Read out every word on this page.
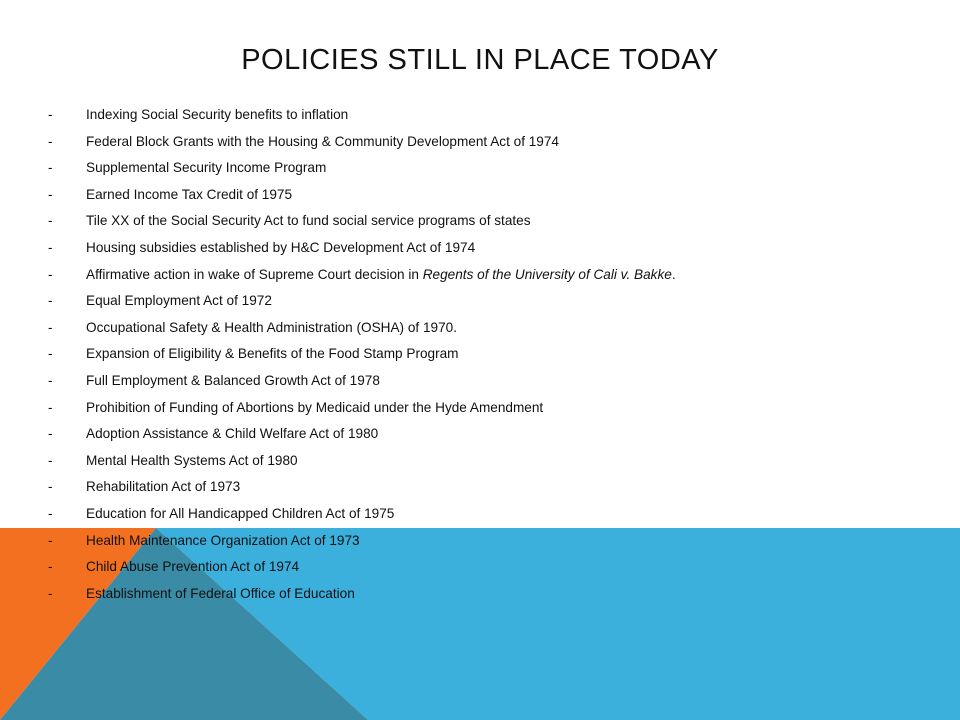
POLICIES STILL IN PLACE TODAY
-	Indexing Social Security benefits to inflation
-	Federal Block Grants with the Housing & Community Development Act of 1974
-	Supplemental Security Income Program
-	Earned Income Tax Credit of 1975
-	Tile XX of the Social Security Act to fund social service programs of states
-	Housing subsidies established by H&C Development Act of 1974
-	Affirmative action in wake of Supreme Court decision in Regents of the University of Cali v. Bakke.
-	Equal Employment Act of 1972
-	Occupational Safety & Health Administration (OSHA) of 1970.
-	Expansion of Eligibility & Benefits of the Food Stamp Program
-	Full Employment & Balanced Growth Act of 1978
-	Prohibition of Funding of Abortions by Medicaid under the Hyde Amendment
-	Adoption Assistance & Child Welfare Act of 1980
-	Mental Health Systems Act of 1980
-	Rehabilitation Act of 1973
-	Education for All Handicapped Children Act of 1975
-	Health Maintenance Organization Act of 1973
-	Child Abuse Prevention Act of 1974
-	Establishment of Federal Office of Education
